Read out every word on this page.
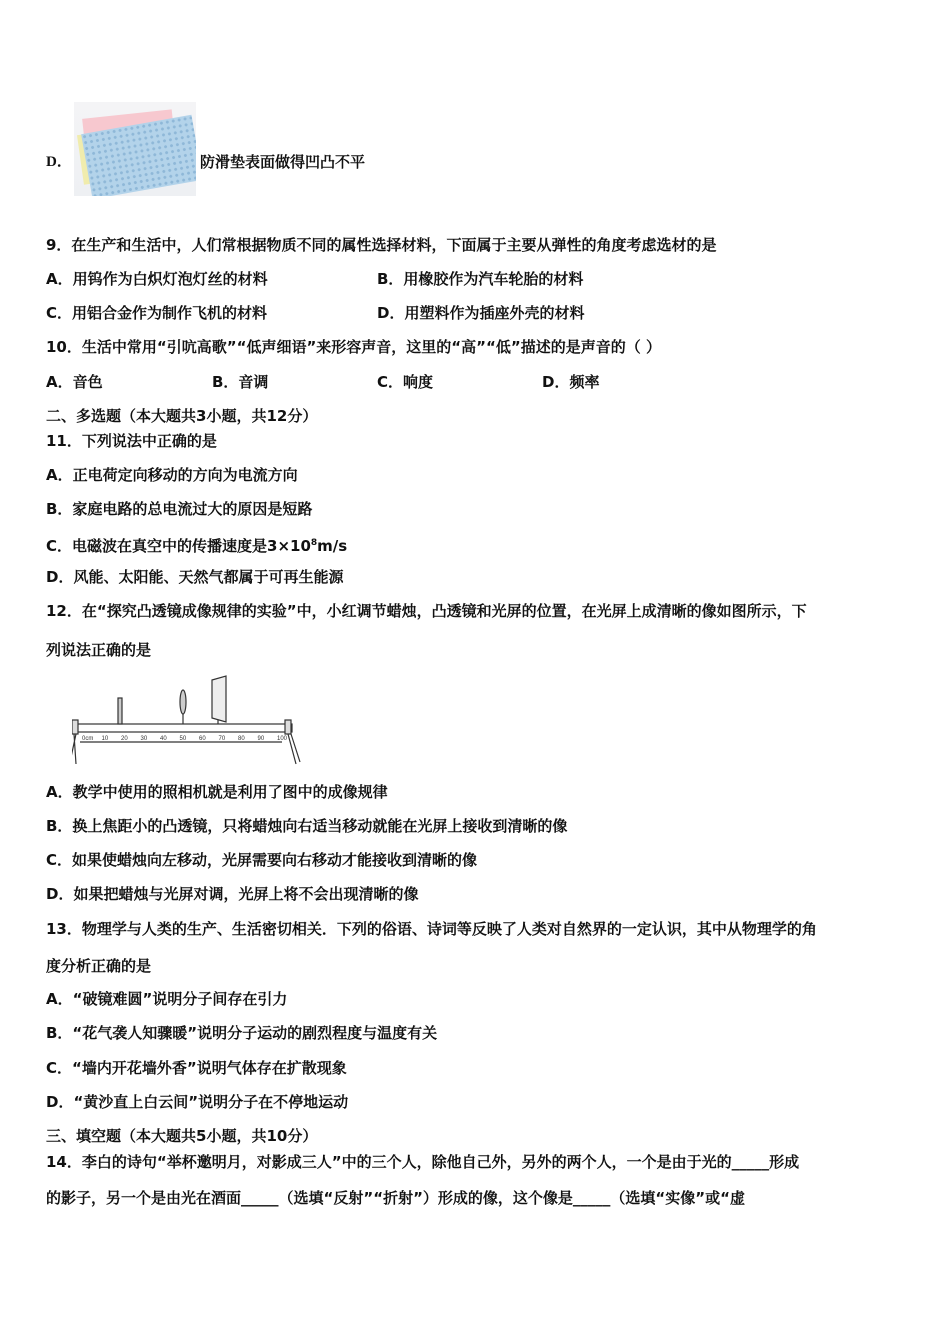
D．	防滑垫表面做得凹凸不平
9．在生产和生活中，人们常根据物质不同的属性选择材料，下面属于主要从弹性的角度考虑选材的是
A．用钨作为白炽灯泡灯丝的材料	B．用橡胶作为汽车轮胎的材料
C．用铝合金作为制作飞机的材料	D．用塑料作为插座外壳的材料
10．生活中常用“引吭高歌”“低声细语”来形容声音，这里的“高”“低”描述的是声音的（ ）
A．音色	B．音调	C．响度	D．频率
二、多选题（本大题共3小题，共12分）
11．下列说法中正确的是
A．正电荷定向移动的方向为电流方向
B．家庭电路的总电流过大的原因是短路
C．电磁波在真空中的传播速度是$3\times 10^8m/s$
D．风能、太阳能、天然气都属于可再生能源
12．在“探究凸透镜成像规律的实验”中，小红调节蜡烛，凸透镜和光屏的位置，在光屏上成清晰的像如图所示，下
列说法正确的是
0cm 10 20 30 40 50 60 70 80 90 100
A．教学中使用的照相机就是利用了图中的成像规律
B．换上焦距小的凸透镜，只将蜡烛向右适当移动就能在光屏上接收到清晰的像
C．如果使蜡烛向左移动，光屏需要向右移动才能接收到清晰的像
D．如果把蜡烛与光屏对调，光屏上将不会出现清晰的像
13．物理学与人类的生产、生活密切相关．下列的俗语、诗词等反映了人类对自然界的一定认识，其中从物理学的角
度分析正确的是
A．“破镜难圆”说明分子间存在引力
B．“花气袭人知骤暖”说明分子运动的剧烈程度与温度有关
C．“墙内开花墙外香”说明气体存在扩散现象
D．“黄沙直上白云间”说明分子在不停地运动
三、填空题（本大题共5小题，共10分）
14．李白的诗句“举杯邀明月，对影成三人”中的三个人，除他自己外，另外的两个人，一个是由于光的_____形成
的影子，另一个是由光在酒面_____（选填“反射”“折射”）形成的像，这个像是_____（选填“实像”或“虚
